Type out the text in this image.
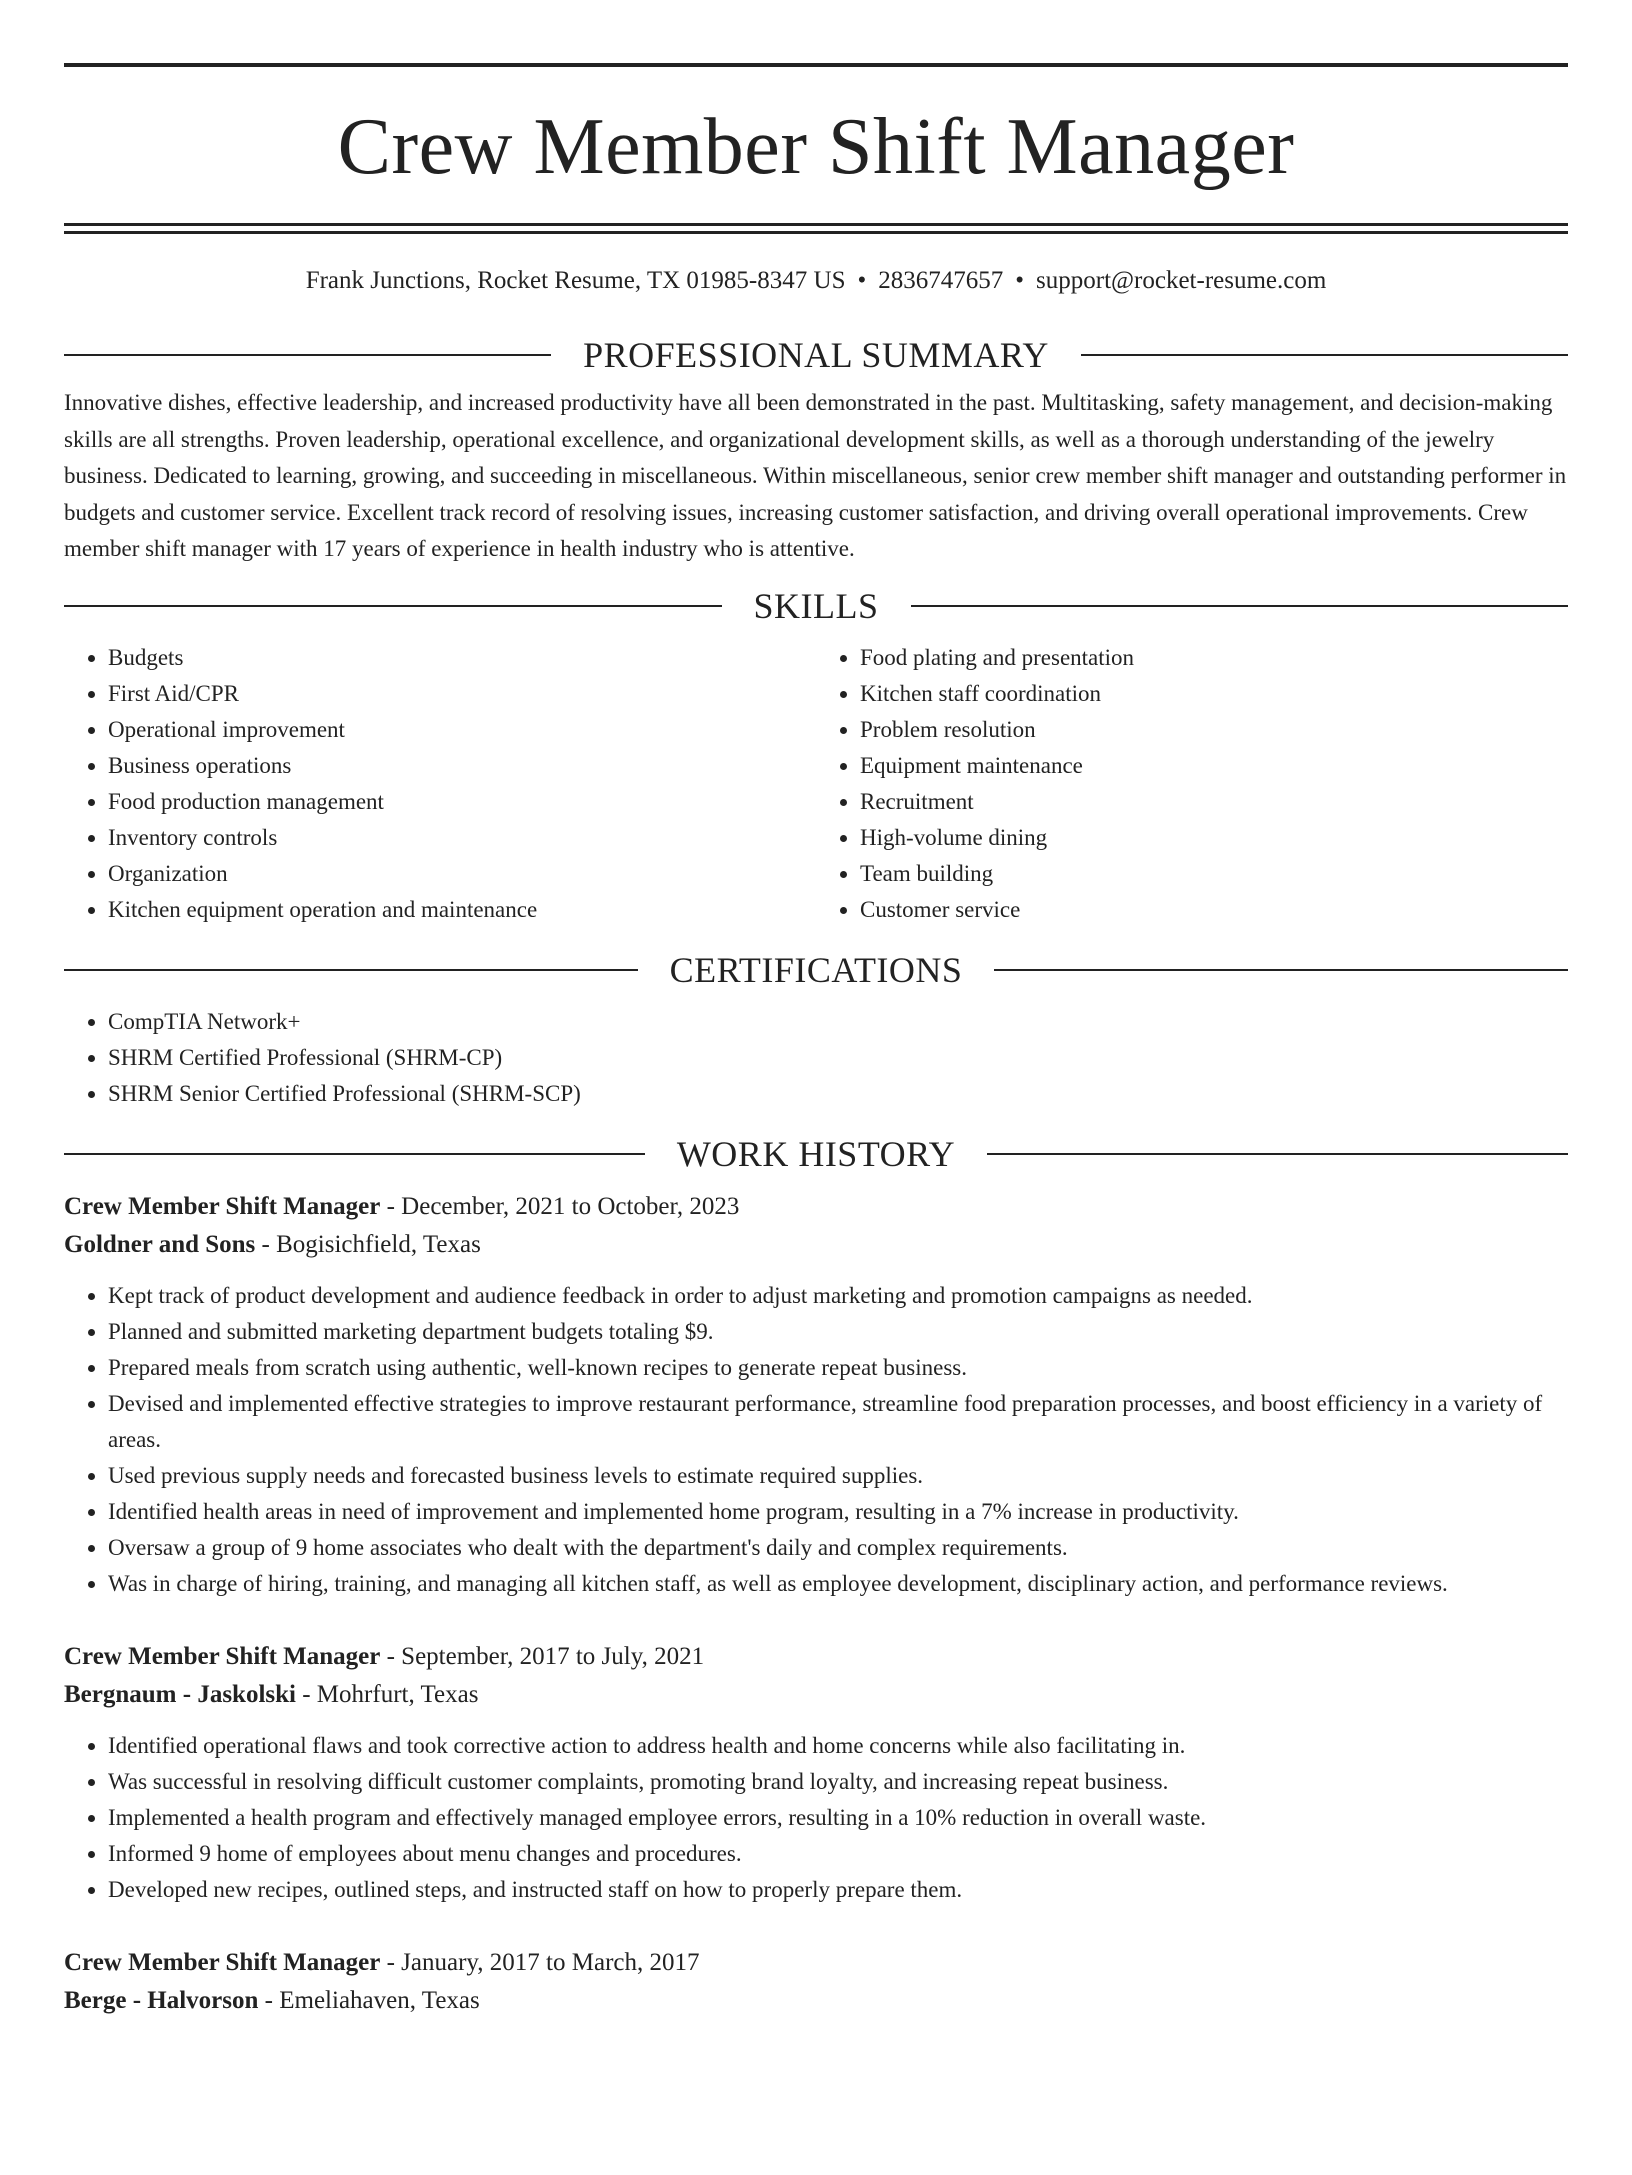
Crew Member Shift Manager
Frank Junctions, Rocket Resume, TX 01985-8347 US • 2836747657 • support@rocket-resume.com
PROFESSIONAL SUMMARY

Innovative dishes, effective leadership, and increased productivity have all been demonstrated in the past. Multitasking, safety management, and decision-making skills are all strengths. Proven leadership, operational excellence, and organizational development skills, as well as a thorough understanding of the jewelry business. Dedicated to learning, growing, and succeeding in miscellaneous. Within miscellaneous, senior crew member shift manager and outstanding performer in budgets and customer service. Excellent track record of resolving issues, increasing customer satisfaction, and driving overall operational improvements. Crew member shift manager with 17 years of experience in health industry who is attentive.

SKILLS
• Budgets
• First Aid/CPR
• Operational improvement
• Business operations
• Food production management
• Inventory controls
• Organization
• Kitchen equipment operation and maintenance
• Food plating and presentation
• Kitchen staff coordination
• Problem resolution
• Equipment maintenance
• Recruitment
• High-volume dining
• Team building
• Customer service
CERTIFICATIONS
• CompTIA Network+
• SHRM Certified Professional (SHRM-CP)
• SHRM Senior Certified Professional (SHRM-SCP)
WORK HISTORY
Crew Member Shift Manager - December, 2021 to October, 2023
Goldner and Sons - Bogisichfield, Texas
• Kept track of product development and audience feedback in order to adjust marketing and promotion campaigns as needed.
• Planned and submitted marketing department budgets totaling $9.
• Prepared meals from scratch using authentic, well-known recipes to generate repeat business.
• Devised and implemented effective strategies to improve restaurant performance, streamline food preparation processes, and boost efficiency in a variety of areas.
• Used previous supply needs and forecasted business levels to estimate required supplies.
• Identified health areas in need of improvement and implemented home program, resulting in a 7% increase in productivity.
• Oversaw a group of 9 home associates who dealt with the department's daily and complex requirements.
• Was in charge of hiring, training, and managing all kitchen staff, as well as employee development, disciplinary action, and performance reviews.
Crew Member Shift Manager - September, 2017 to July, 2021
Bergnaum - Jaskolski - Mohrfurt, Texas
• Identified operational flaws and took corrective action to address health and home concerns while also facilitating in.
• Was successful in resolving difficult customer complaints, promoting brand loyalty, and increasing repeat business.
• Implemented a health program and effectively managed employee errors, resulting in a 10% reduction in overall waste.
• Informed 9 home of employees about menu changes and procedures.
• Developed new recipes, outlined steps, and instructed staff on how to properly prepare them.
Crew Member Shift Manager - January, 2017 to March, 2017
Berge - Halvorson - Emeliahaven, Texas
